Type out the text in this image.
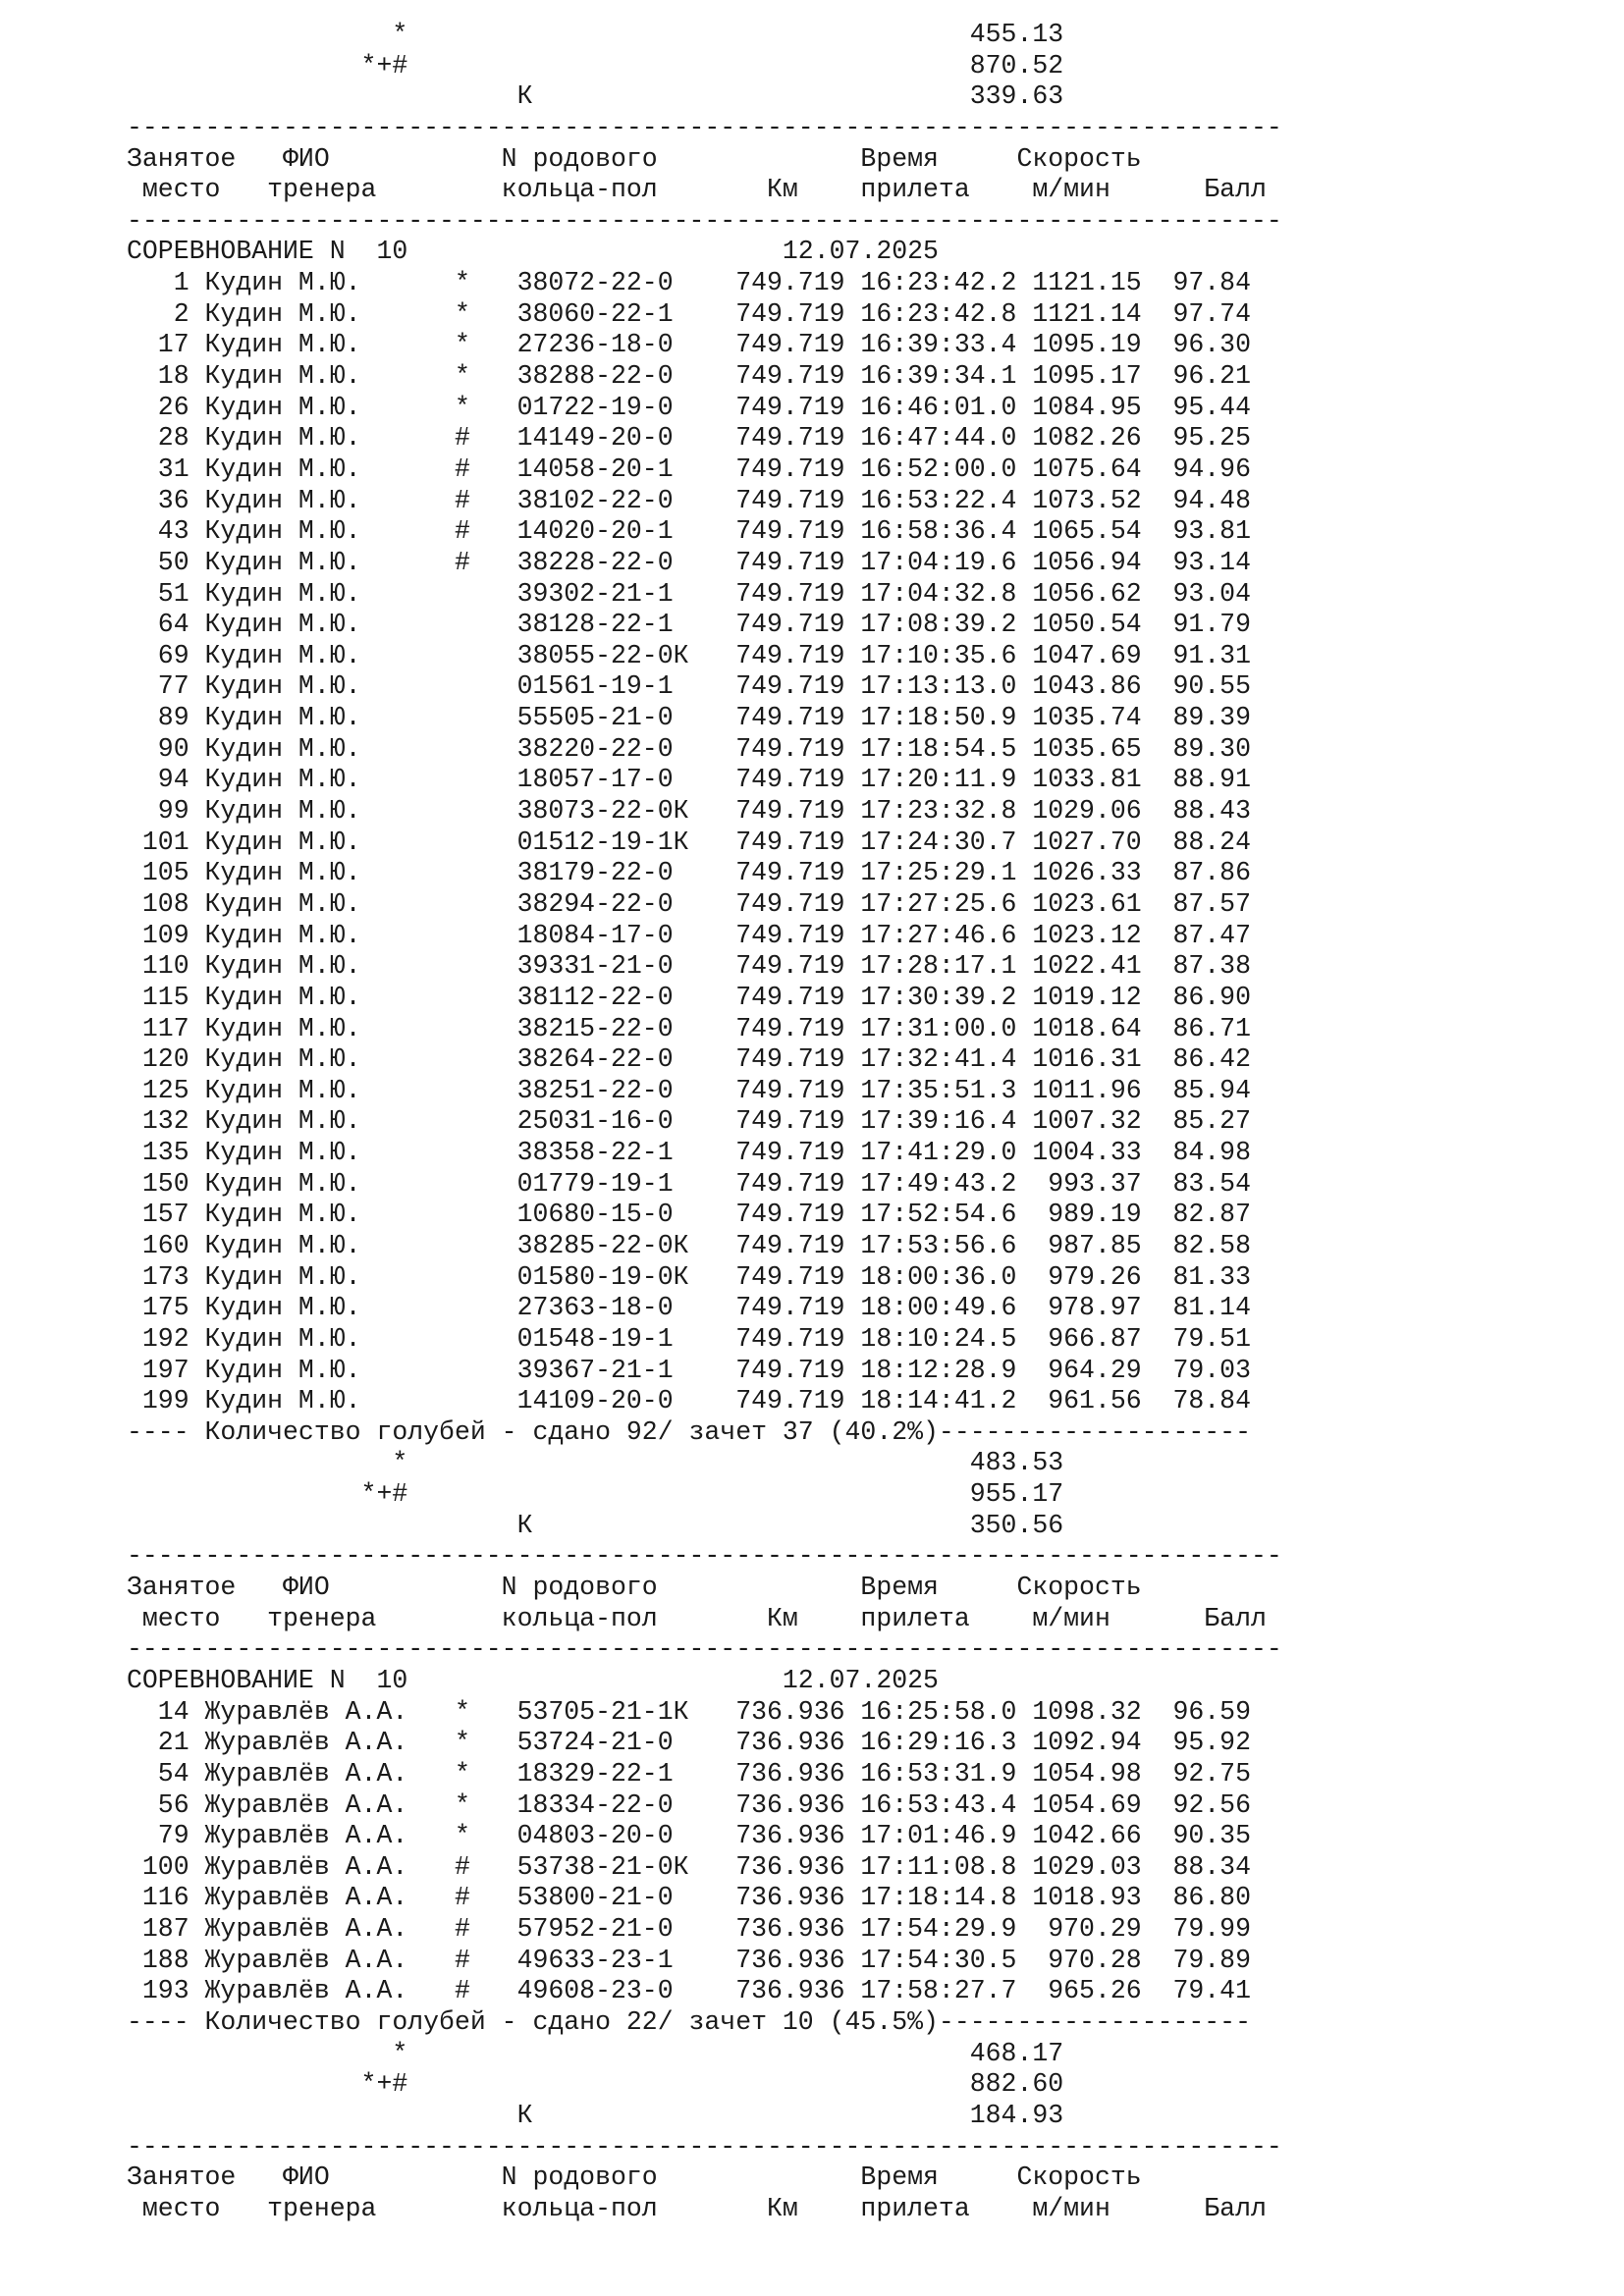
*                                    455.13
*+#                                    870.52
К                            339.63
--------------------------------------------------------------------------
Занятое   ФИО           N родового             Время     Скорость
место   тренера        кольца-пол       Км    прилета    м/мин      Балл
--------------------------------------------------------------------------
СОРЕВНОВАНИЕ N  10                        12.07.2025
1 Кудин М.Ю.      *   38072-22-0    749.719 16:23:42.2 1121.15  97.84
2 Кудин М.Ю.      *   38060-22-1    749.719 16:23:42.8 1121.14  97.74
17 Кудин М.Ю.      *   27236-18-0    749.719 16:39:33.4 1095.19  96.30
18 Кудин М.Ю.      *   38288-22-0    749.719 16:39:34.1 1095.17  96.21
26 Кудин М.Ю.      *   01722-19-0    749.719 16:46:01.0 1084.95  95.44
28 Кудин М.Ю.      #   14149-20-0    749.719 16:47:44.0 1082.26  95.25
31 Кудин М.Ю.      #   14058-20-1    749.719 16:52:00.0 1075.64  94.96
36 Кудин М.Ю.      #   38102-22-0    749.719 16:53:22.4 1073.52  94.48
43 Кудин М.Ю.      #   14020-20-1    749.719 16:58:36.4 1065.54  93.81
50 Кудин М.Ю.      #   38228-22-0    749.719 17:04:19.6 1056.94  93.14
51 Кудин М.Ю.          39302-21-1    749.719 17:04:32.8 1056.62  93.04
64 Кудин М.Ю.          38128-22-1    749.719 17:08:39.2 1050.54  91.79
69 Кудин М.Ю.          38055-22-0К   749.719 17:10:35.6 1047.69  91.31
77 Кудин М.Ю.          01561-19-1    749.719 17:13:13.0 1043.86  90.55
89 Кудин М.Ю.          55505-21-0    749.719 17:18:50.9 1035.74  89.39
90 Кудин М.Ю.          38220-22-0    749.719 17:18:54.5 1035.65  89.30
94 Кудин М.Ю.          18057-17-0    749.719 17:20:11.9 1033.81  88.91
99 Кудин М.Ю.          38073-22-0К   749.719 17:23:32.8 1029.06  88.43
101 Кудин М.Ю.          01512-19-1К   749.719 17:24:30.7 1027.70  88.24
105 Кудин М.Ю.          38179-22-0    749.719 17:25:29.1 1026.33  87.86
108 Кудин М.Ю.          38294-22-0    749.719 17:27:25.6 1023.61  87.57
109 Кудин М.Ю.          18084-17-0    749.719 17:27:46.6 1023.12  87.47
110 Кудин М.Ю.          39331-21-0    749.719 17:28:17.1 1022.41  87.38
115 Кудин М.Ю.          38112-22-0    749.719 17:30:39.2 1019.12  86.90
117 Кудин М.Ю.          38215-22-0    749.719 17:31:00.0 1018.64  86.71
120 Кудин М.Ю.          38264-22-0    749.719 17:32:41.4 1016.31  86.42
125 Кудин М.Ю.          38251-22-0    749.719 17:35:51.3 1011.96  85.94
132 Кудин М.Ю.          25031-16-0    749.719 17:39:16.4 1007.32  85.27
135 Кудин М.Ю.          38358-22-1    749.719 17:41:29.0 1004.33  84.98
150 Кудин М.Ю.          01779-19-1    749.719 17:49:43.2  993.37  83.54
157 Кудин М.Ю.          10680-15-0    749.719 17:52:54.6  989.19  82.87
160 Кудин М.Ю.          38285-22-0К   749.719 17:53:56.6  987.85  82.58
173 Кудин М.Ю.          01580-19-0К   749.719 18:00:36.0  979.26  81.33
175 Кудин М.Ю.          27363-18-0    749.719 18:00:49.6  978.97  81.14
192 Кудин М.Ю.          01548-19-1    749.719 18:10:24.5  966.87  79.51
197 Кудин М.Ю.          39367-21-1    749.719 18:12:28.9  964.29  79.03
199 Кудин М.Ю.          14109-20-0    749.719 18:14:41.2  961.56  78.84
---- Количество голубей - сдано 92/ зачет 37 (40.2%)--------------------
*                                    483.53
*+#                                    955.17
К                            350.56
--------------------------------------------------------------------------
Занятое   ФИО           N родового             Время     Скорость
место   тренера        кольца-пол       Км    прилета    м/мин      Балл
--------------------------------------------------------------------------
СОРЕВНОВАНИЕ N  10                        12.07.2025
14 Журавлёв А.А.   *   53705-21-1К   736.936 16:25:58.0 1098.32  96.59
21 Журавлёв А.А.   *   53724-21-0    736.936 16:29:16.3 1092.94  95.92
54 Журавлёв А.А.   *   18329-22-1    736.936 16:53:31.9 1054.98  92.75
56 Журавлёв А.А.   *   18334-22-0    736.936 16:53:43.4 1054.69  92.56
79 Журавлёв А.А.   *   04803-20-0    736.936 17:01:46.9 1042.66  90.35
100 Журавлёв А.А.   #   53738-21-0К   736.936 17:11:08.8 1029.03  88.34
116 Журавлёв А.А.   #   53800-21-0    736.936 17:18:14.8 1018.93  86.80
187 Журавлёв А.А.   #   57952-21-0    736.936 17:54:29.9  970.29  79.99
188 Журавлёв А.А.   #   49633-23-1    736.936 17:54:30.5  970.28  79.89
193 Журавлёв А.А.   #   49608-23-0    736.936 17:58:27.7  965.26  79.41
---- Количество голубей - сдано 22/ зачет 10 (45.5%)--------------------
*                                    468.17
*+#                                    882.60
К                            184.93
--------------------------------------------------------------------------
Занятое   ФИО           N родового             Время     Скорость
место   тренера        кольца-пол       Км    прилета    м/мин      Балл
